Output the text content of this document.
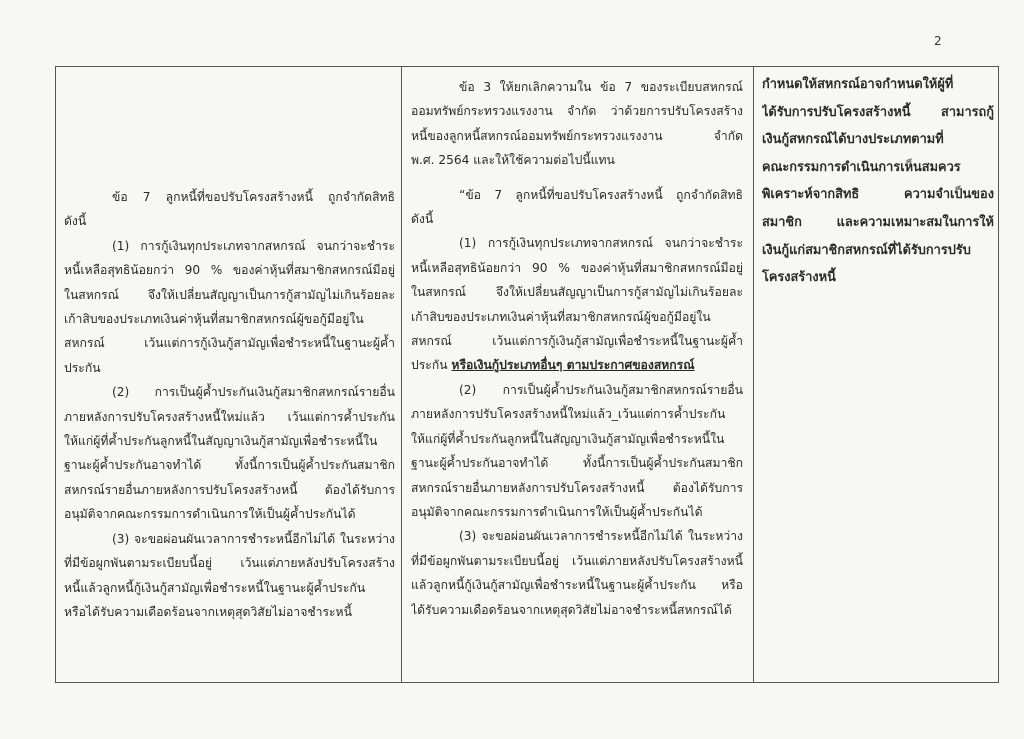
2
ข้อ 7 ลูกหนี้ที่ขอปรับโครงสร้างหนี้ ถูกจำกัดสิทธิ
ดังนี้
(1) การกู้เงินทุกประเภทจากสหกรณ์ จนกว่าจะชำระ
หนี้เหลือสุทธิน้อยกว่า 90 % ของค่าหุ้นที่สมาชิกสหกรณ์มีอยู่
ในสหกรณ์ จึงให้เปลี่ยนสัญญาเป็นการกู้สามัญไม่เกินร้อยละ
เก้าสิบของประเภทเงินค่าหุ้นที่สมาชิกสหกรณ์ผู้ขอกู้มีอยู่ใน
สหกรณ์ เว้นแต่การกู้เงินกู้สามัญเพื่อชำระหนี้ในฐานะผู้ค้ำ
ประกัน
(2) การเป็นผู้ค้ำประกันเงินกู้สมาชิกสหกรณ์รายอื่น
ภายหลังการปรับโครงสร้างหนี้ใหม่แล้ว เว้นแต่การค้ำประกัน
ให้แก่ผู้ที่ค้ำประกันลูกหนี้ในสัญญาเงินกู้สามัญเพื่อชำระหนี้ใน
ฐานะผู้ค้ำประกันอาจทำได้ ทั้งนี้การเป็นผู้ค้ำประกันสมาชิก
สหกรณ์รายอื่นภายหลังการปรับโครงสร้างหนี้ ต้องได้รับการ
อนุมัติจากคณะกรรมการดำเนินการให้เป็นผู้ค้ำประกันได้
(3) จะขอผ่อนผันเวลาการชำระหนี้อีกไม่ได้ ในระหว่าง
ที่มีข้อผูกพันตามระเบียบนี้อยู่ เว้นแต่ภายหลังปรับโครงสร้าง
หนี้แล้วลูกหนี้กู้เงินกู้สามัญเพื่อชำระหนี้ในฐานะผู้ค้ำประกัน
หรือได้รับความเดือดร้อนจากเหตุสุดวิสัยไม่อาจชำระหนี้
ข้อ 3 ให้ยกเลิกความใน ข้อ 7 ของระเบียบสหกรณ์
ออมทรัพย์กระทรวงแรงงาน จำกัด ว่าด้วยการปรับโครงสร้าง
หนี้ของลูกหนี้สหกรณ์ออมทรัพย์กระทรวงแรงงาน จำกัด
พ.ศ. 2564 และให้ใช้ความต่อไปนี้แทน
“ข้อ 7 ลูกหนี้ที่ขอปรับโครงสร้างหนี้ ถูกจำกัดสิทธิ
ดังนี้
(1) การกู้เงินทุกประเภทจากสหกรณ์ จนกว่าจะชำระ
หนี้เหลือสุทธิน้อยกว่า 90 % ของค่าหุ้นที่สมาชิกสหกรณ์มีอยู่
ในสหกรณ์ จึงให้เปลี่ยนสัญญาเป็นการกู้สามัญไม่เกินร้อยละ
เก้าสิบของประเภทเงินค่าหุ้นที่สมาชิกสหกรณ์ผู้ขอกู้มีอยู่ใน
สหกรณ์ เว้นแต่การกู้เงินกู้สามัญเพื่อชำระหนี้ในฐานะผู้ค้ำ
ประกัน หรือเงินกู้ประเภทอื่นๆ ตามประกาศของสหกรณ์
(2) การเป็นผู้ค้ำประกันเงินกู้สมาชิกสหกรณ์รายอื่น
ภายหลังการปรับโครงสร้างหนี้ใหม่แล้ว_เว้นแต่การค้ำประกัน
ให้แก่ผู้ที่ค้ำประกันลูกหนี้ในสัญญาเงินกู้สามัญเพื่อชำระหนี้ใน
ฐานะผู้ค้ำประกันอาจทำได้ ทั้งนี้การเป็นผู้ค้ำประกันสมาชิก
สหกรณ์รายอื่นภายหลังการปรับโครงสร้างหนี้ ต้องได้รับการ
อนุมัติจากคณะกรรมการดำเนินการให้เป็นผู้ค้ำประกันได้
(3) จะขอผ่อนผันเวลาการชำระหนี้อีกไม่ได้ ในระหว่าง
ที่มีข้อผูกพันตามระเบียบนี้อยู่ เว้นแต่ภายหลังปรับโครงสร้างหนี้
แล้วลูกหนี้กู้เงินกู้สามัญเพื่อชำระหนี้ในฐานะผู้ค้ำประกัน หรือ
ได้รับความเดือดร้อนจากเหตุสุดวิสัยไม่อาจชำระหนี้สหกรณ์ได้
กำหนดให้สหกรณ์อาจกำหนดให้ผู้ที่
ได้รับการปรับโครงสร้างหนี้ สามารถกู้
เงินกู้สหกรณ์ได้บางประเภทตามที่
คณะกรรมการดำเนินการเห็นสมควร
พิเคราะห์จากสิทธิ ความจำเป็นของ
สมาชิก และความเหมาะสมในการให้
เงินกู้แก่สมาชิกสหกรณ์ที่ได้รับการปรับ
โครงสร้างหนี้
